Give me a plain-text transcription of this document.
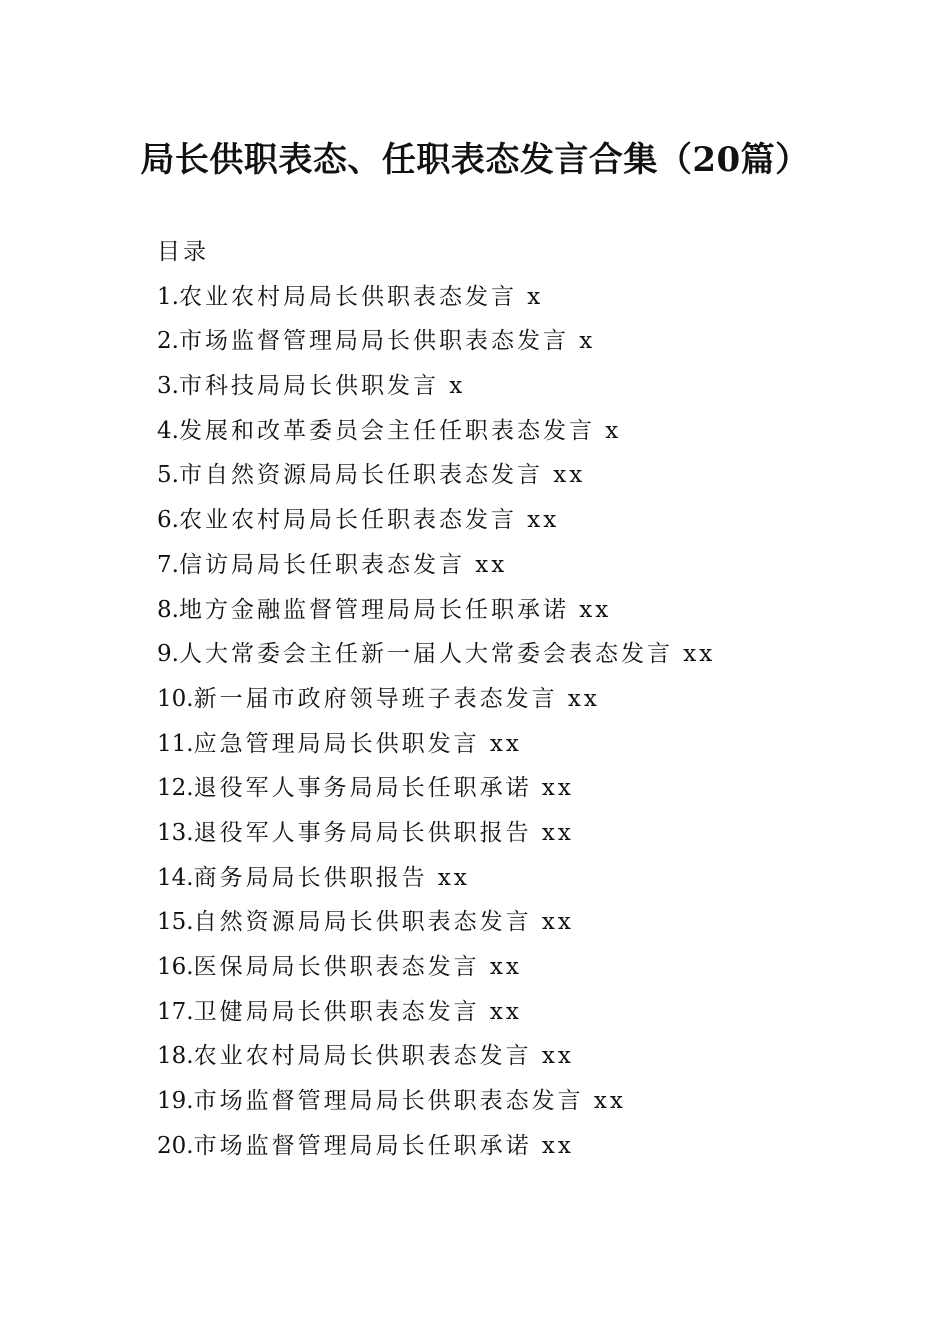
局长供职表态、任职表态发言合集（20篇）
目录
1.农业农村局局长供职表态发言 x
2.市场监督管理局局长供职表态发言 x
3.市科技局局长供职发言 x
4.发展和改革委员会主任任职表态发言 x
5.市自然资源局局长任职表态发言 xx
6.农业农村局局长任职表态发言 xx
7.信访局局长任职表态发言 xx
8.地方金融监督管理局局长任职承诺 xx
9.人大常委会主任新一届人大常委会表态发言 xx
10.新一届市政府领导班子表态发言 xx
11.应急管理局局长供职发言 xx
12.退役军人事务局局长任职承诺 xx
13.退役军人事务局局长供职报告 xx
14.商务局局长供职报告 xx
15.自然资源局局长供职表态发言 xx
16.医保局局长供职表态发言 xx
17.卫健局局长供职表态发言 xx
18.农业农村局局长供职表态发言 xx
19.市场监督管理局局长供职表态发言 xx
20.市场监督管理局局长任职承诺 xx
